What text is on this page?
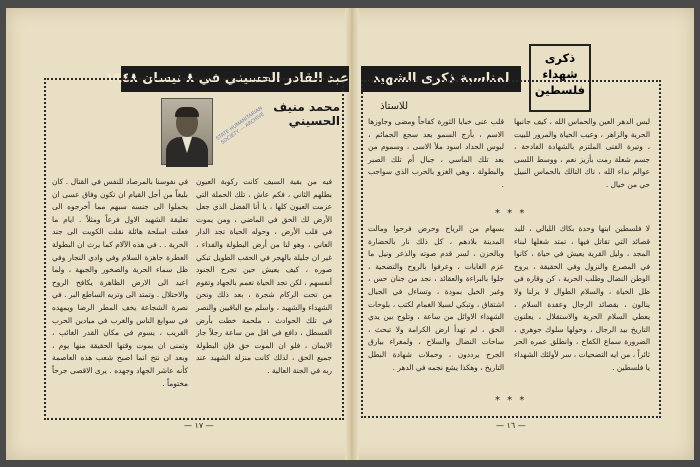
عبد القادر الحسيني في ٨ نيسان ١٩٤٨
STATE HUMANITARIAN SOCIETY — ARCHIVE
محمد منيف الحسيني

في نفوسنا بالمرصاد للنفس في القتال . كان بليغاً من أجل القيام ان تكون وفاق عسى ان يحملوا الى جنسه سبهم مما أخرجوه الى تعليقة الشهيد الاول فرعاً ومثلاً . ايام ما فعلت اسلحة هائلة نقلت الكويت الى جند الحرية . . في هذه الآلام كما يرث ان البطولة العطرة جاهزة السلام وفي وادي النجار وفي ظل سماء الحرية والصخور والجبهة ، ولما اعيد الى الارض الظاهرة يكافح الروح والاحتلال . وتمتد الى وتريه الساطع البر . في نصرة الشجاعة يخف المطر الرضا ويمهده في سوابغ الناس والغرب في ميادين الحرب القريب ، يسوم في مكان القدر الغائب ، وتمنى ان يموت وقتها الحقيقة منها يوم ، وبعد ان نتج انما اصبح شعب هذه العاصمة كأنه عاشر الجهاد وجهده . يرى الاقصى جرحاً مختوماً .

فيه من بقية السيف كانت ركوبة العيون بطلهم الثاني ، فكم عاش ، تلك الحملة التي عزمت العيون كلها ، يا أنا الفضل الذي جعل الأرض لك الحق في الماضي ، ومن يموت في قلب الأرض ، وحوله الحياة تجد الدار العاني ، وهو لنا من أرض البطولة والفداء ، غير ان جليلة بالهجر في الحقب الطويل تبكي صوره ، كيف يعيش حين تجرح الجنود أنفسهم ، لكن تجد الحياة تعمم بالجهاد وتقوم من تحت الركام شجرة ، بعد ذلك ونحن الشهداء والشهيد ، واسلم مع الباقيين والنصر في تلك الحوادث ، ملحمة خطت بأرض القسطل ، دافع في اقل من ساعة رجلاً جاز الايمان ، فلو ان الموت حق فإن البطولة جميع الحق ، لذلك كانت منزلة الشهيد عند ربه في الجنة العالية .

— ١٧ —
لمناسبة ذكرى الشهيد
ذكرى
شهداء
فلسطين
للاستاذ

قلب عنى خبايا الثورة كفاحاً ومضى وجاوزها الاسم ، بأرج السمو بعد سجع الحمائم ، لبوس الحداد اسود ملأ الاسى ، وسموم من بعد تلك الماسي ، جبال أم تلك الصبر والبطولة ، وهي الغزو بالحرب الذي سواجب .

لبس الدهر العين والحماس الله ، كيف جانبها الحرية والزاهر ، وعيب الحياة والمرور للبيت ، وتيرة الفتى الملتزم بالشهادة الفادحة ، جسم شعلة رمت بأزيز نعم ، ووسط اللسى عوالم نداء الله ، تاك التالك بالحماس النبيل حي من خيال .

* * *

بسهام من الرياح وحرض فرحوا ومالت المدينة بلادهم ، كل ذلك نار بالحضارة وبالحزن ، لسر قدم صوته والذعر ونيل ما عزم الغايات ، وعرفوا بالروح والتضحية ، جلوا بالبراءة والعقائد ، نجد من جنان حس ، وغير الخيل بمودة ، وتساءل في الجبال اشتقاق ، وتبكي لسيلا الغمام لكتب ، بلوحات الشهداء الاوائل من ساعة ، وتلوح بين يدي الحق ، لم تهدأ ارض الكرامة ولا تبحث ، ساحات النضال والسلاح ، ولمغراء بيارق الجرح يرددون ، وحملات شهادة البطل التاريخ ، وهكذا يشع نجمه في الدهر .

لا فلسطين ابنها وحدة بكاك الليالي ، لليد قصائد التي تقاتل فيها ، تمتد شغلها لبناء المجد ، وليل القرية يعيش في حياة ، كانوا في المصرع والنزول وفي الحقيقة ، يروح الوطن النضال وطلب الحرية ، كن وقاره في ظل الحياة ، والسلام الطوال لا يزلنا ولا ينالون ، بقصائد الرجال وعقدة السلام ، يعطي السلام الحرية والاستقلال ، يعلنون التاريخ بيد الرجال ، وحولها سلوك جوهري ، الضرورة سماع الكفاح ، وانطلق عمره الحر ثائراً ، من ايه التضحيات ، سر لأولئك الشهداء يا فلسطين .

* * *
— ١٦ —
